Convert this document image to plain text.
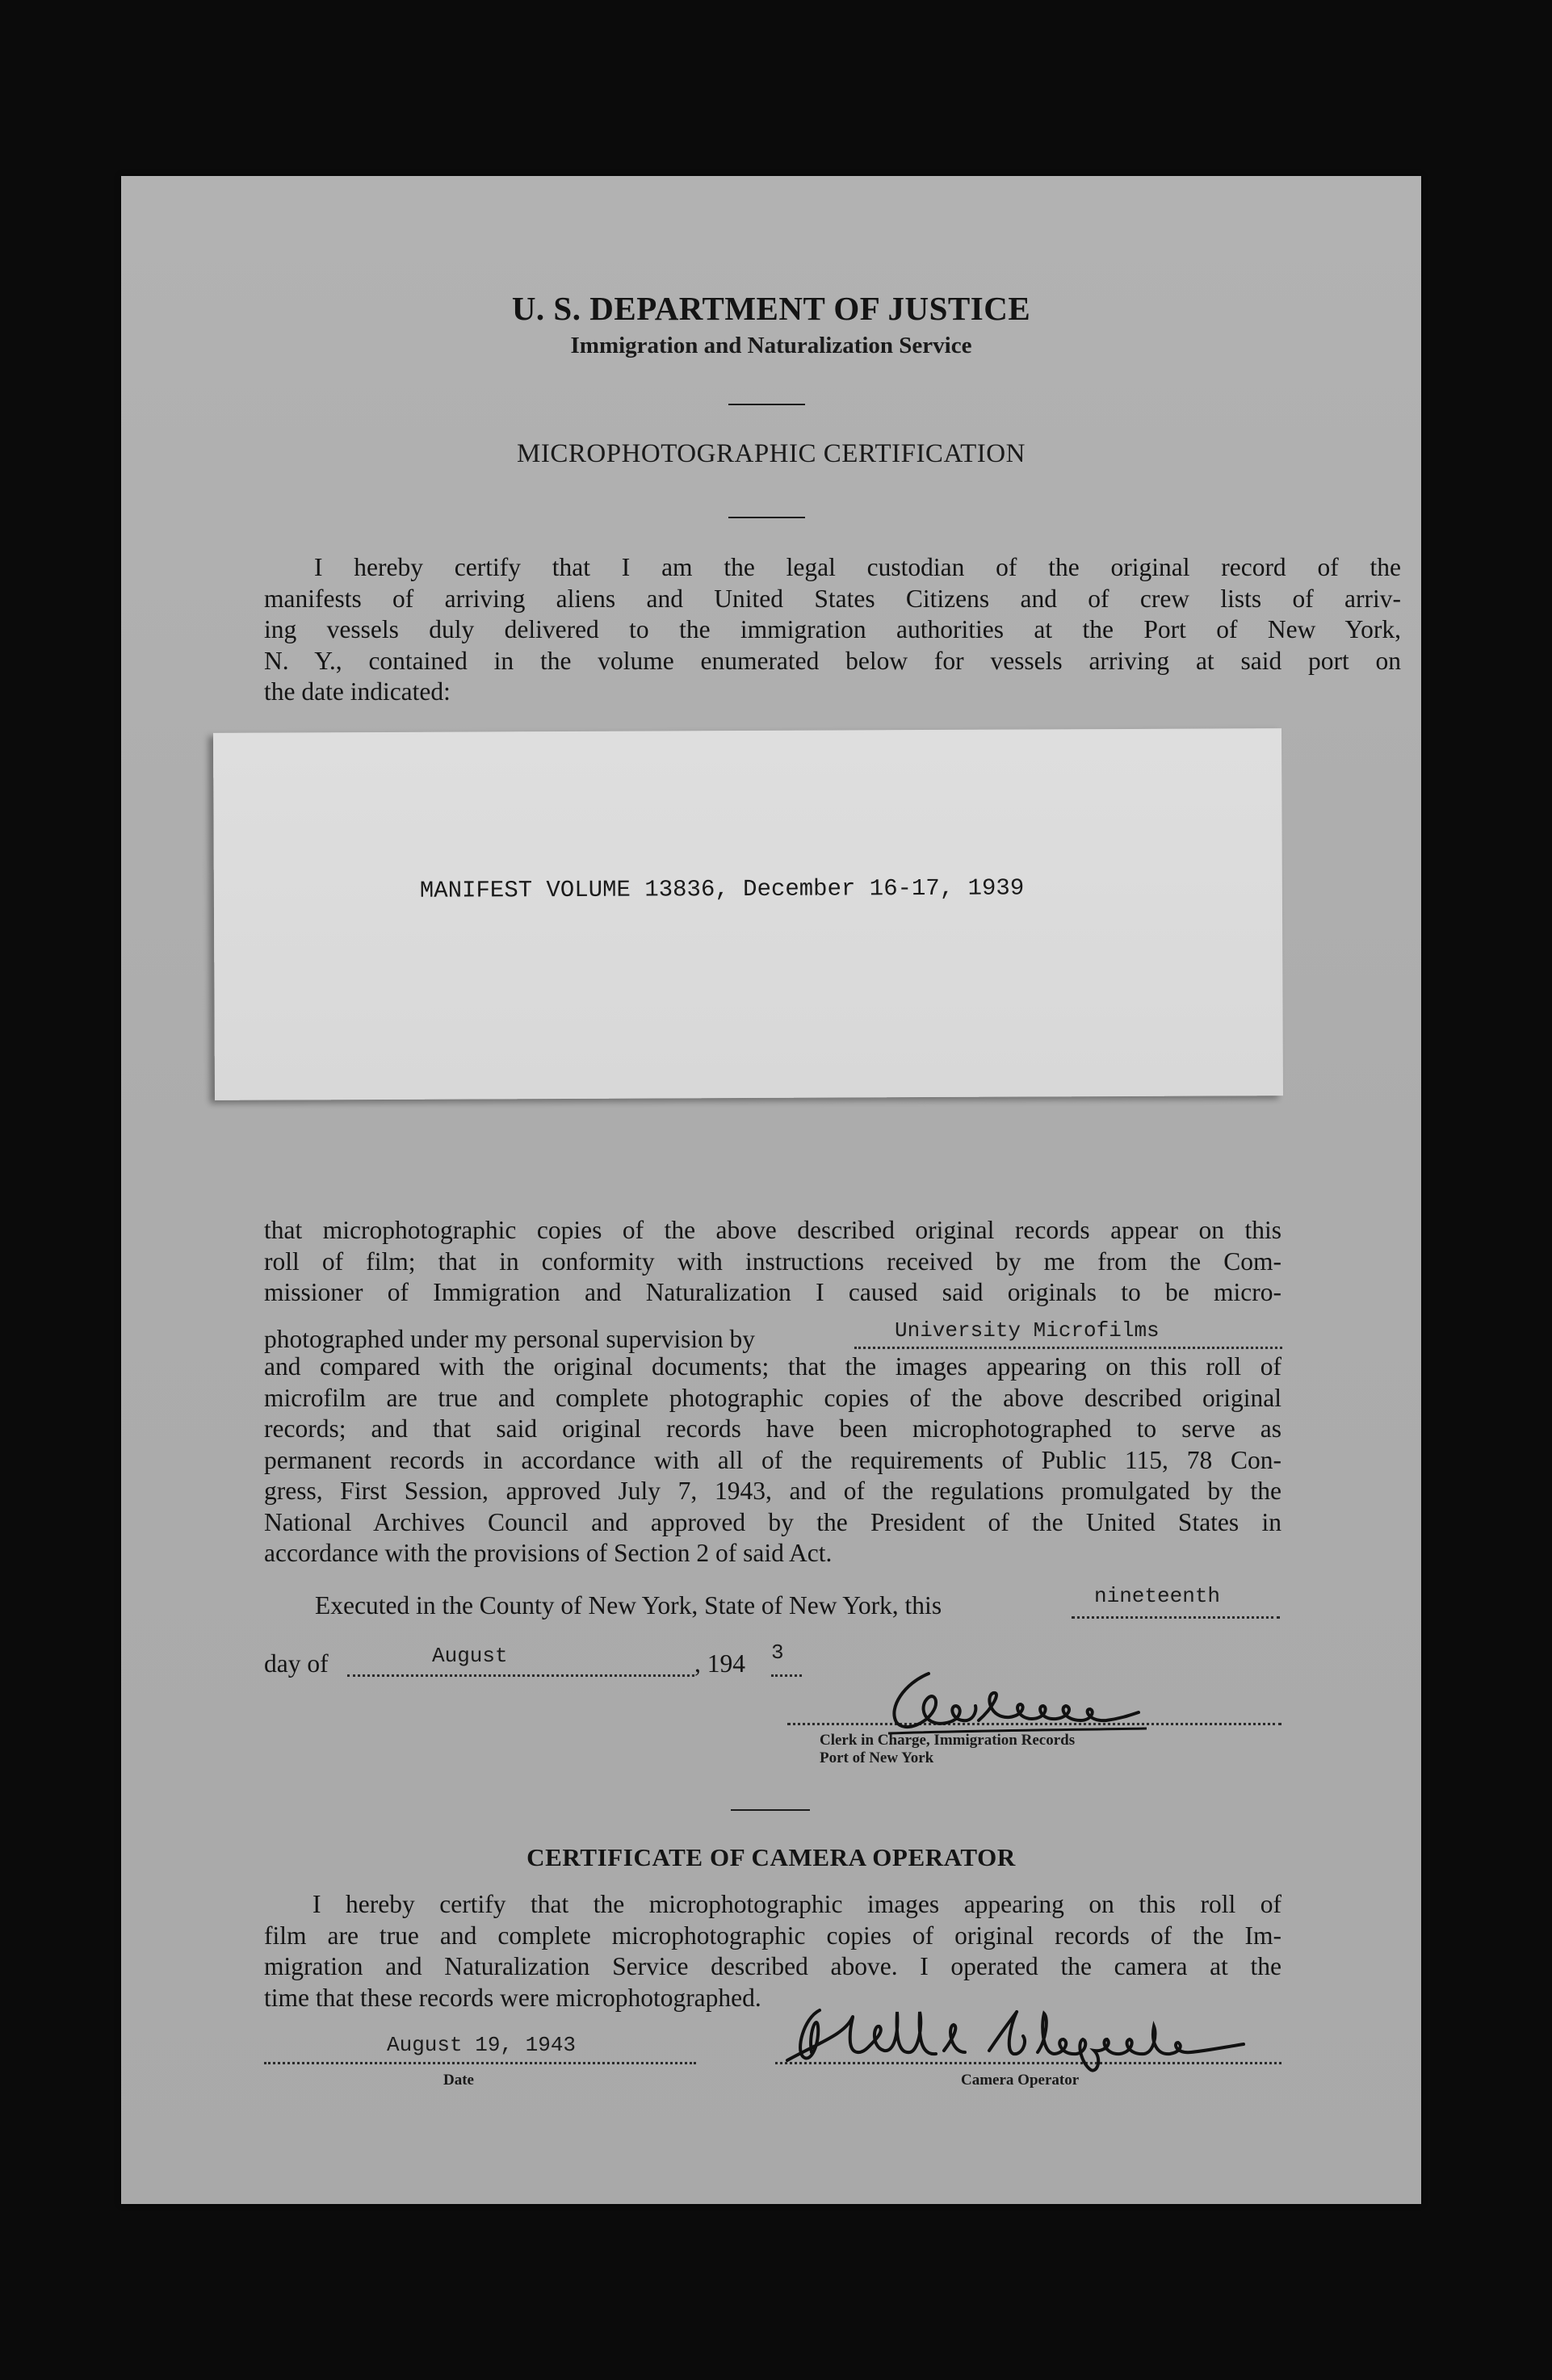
U. S. DEPARTMENT OF JUSTICE
Immigration and Naturalization Service
MICROPHOTOGRAPHIC CERTIFICATION
I hereby certify that I am the legal custodian of the original record of the
manifests of arriving aliens and United States Citizens and of crew lists of arriv-
ing vessels duly delivered to the immigration authorities at the Port of New York,
N. Y., contained in the volume enumerated below for vessels arriving at said port on
the date indicated:
MANIFEST VOLUME 13836, December 16-17, 1939
that microphotographic copies of the above described original records appear on this
roll of film; that in conformity with instructions received by me from the Com-
missioner of Immigration and Naturalization I caused said originals to be micro-
photographed under my personal supervision by	University Microfilms
and compared with the original documents; that the images appearing on this roll of
microfilm are true and complete photographic copies of the above described original
records; and that said original records have been microphotographed to serve as
permanent records in accordance with all of the requirements of Public 115, 78 Con-
gress, First Session, approved July 7, 1943, and of the regulations promulgated by the
National Archives Council and approved by the President of the United States in
accordance with the provisions of Section 2 of said Act.
Executed in the County of New York, State of New York, this	nineteenth
day of	August	, 194 3
Clerk in Charge, Immigration Records
Port of New York
CERTIFICATE OF CAMERA OPERATOR
I hereby certify that the microphotographic images appearing on this roll of
film are true and complete microphotographic copies of original records of the Im-
migration and Naturalization Service described above. I operated the camera at the
time that these records were microphotographed.
August 19, 1943
Date	Camera Operator
